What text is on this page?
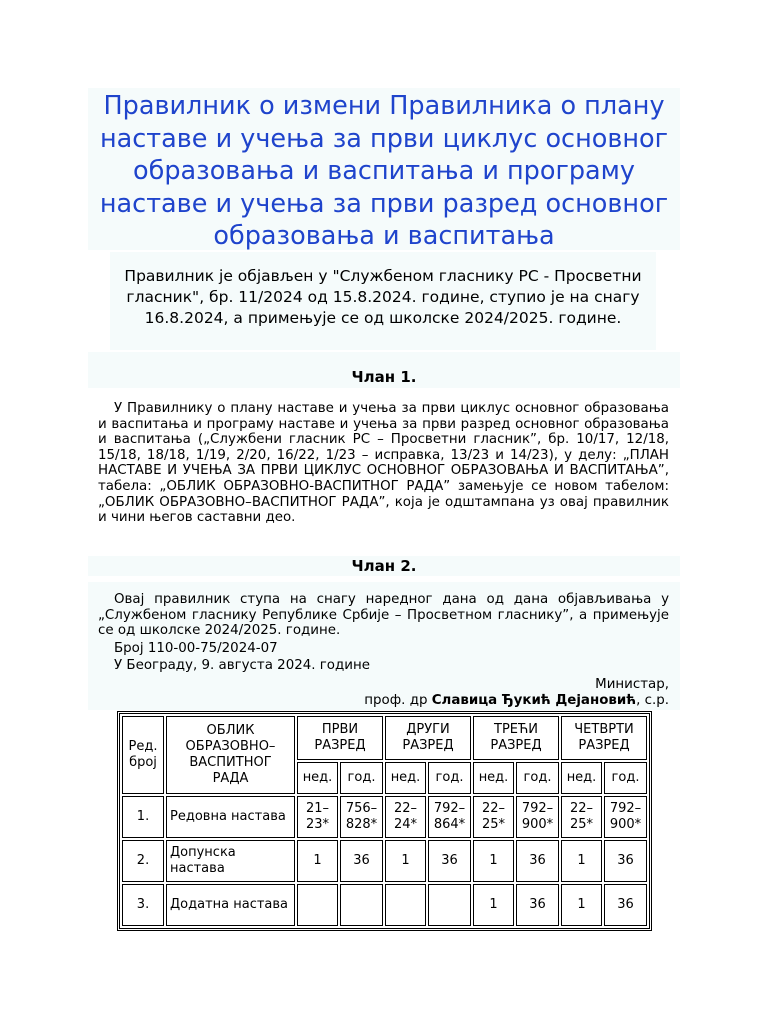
Правилник о измени Правилника о плану наставе и учења за први циклус основног образовања и васпитања и програму наставе и учења за први разред основног образовања и васпитања

Правилник је објављен у "Службеном гласнику РС - Просветни гласник", бр. 11/2024 од 15.8.2024. године, ступио је на снагу 16.8.2024, а примењује се од школске 2024/2025. године.

Члан 1.

У Правилнику о плану наставе и учења за први циклус основног образовања и васпитања и програму наставе и учења за први разред основног образовања и васпитања („Службени гласник РС – Просветни гласник”, бр. 10/17, 12/18, 15/18, 18/18, 1/19, 2/20, 16/22, 1/23 – исправка, 13/23 и 14/23), у делу: „ПЛАН НАСТАВЕ И УЧЕЊА ЗА ПРВИ ЦИКЛУС ОСНОВНОГ ОБРАЗОВАЊА И ВАСПИТАЊА”, табела: „ОБЛИК ОБРАЗОВНО-ВАСПИТНОГ РАДА” замењује се новом табелом: „ОБЛИК ОБРАЗОВНО–ВАСПИТНОГ РАДА”, која је одштампана уз овај правилник и чини његов саставни део.

Члан 2.

Овај правилник ступа на снагу наредног дана од дана објављивања у „Службеном гласнику Републике Србије – Просветном гласнику”, а примењује се од школске 2024/2025. године.

Број 110-00-75/2024-07

У Београду, 9. августа 2024. године

Министар,

проф. др Славица Ђукић Дејановић, с.р.

Ред. број	ОБЛИК ОБРАЗОВНО–ВАСПИТНОГ РАДА	ПРВИ РАЗРЕД		ДРУГИ РАЗРЕД		ТРЕЋИ РАЗРЕД		ЧЕТВРТИ РАЗРЕД	
		нед.	год.	нед.	год.	нед.	год.	нед.	год.
1.	Редовна настава	21–23*	756–828*	22–24*	792–864*	22–25*	792–900*	22–25*	792–900*
2.	Допунска настава	1	36	1	36	1	36	1	36
3.	Додатна настава					1	36	1	36
